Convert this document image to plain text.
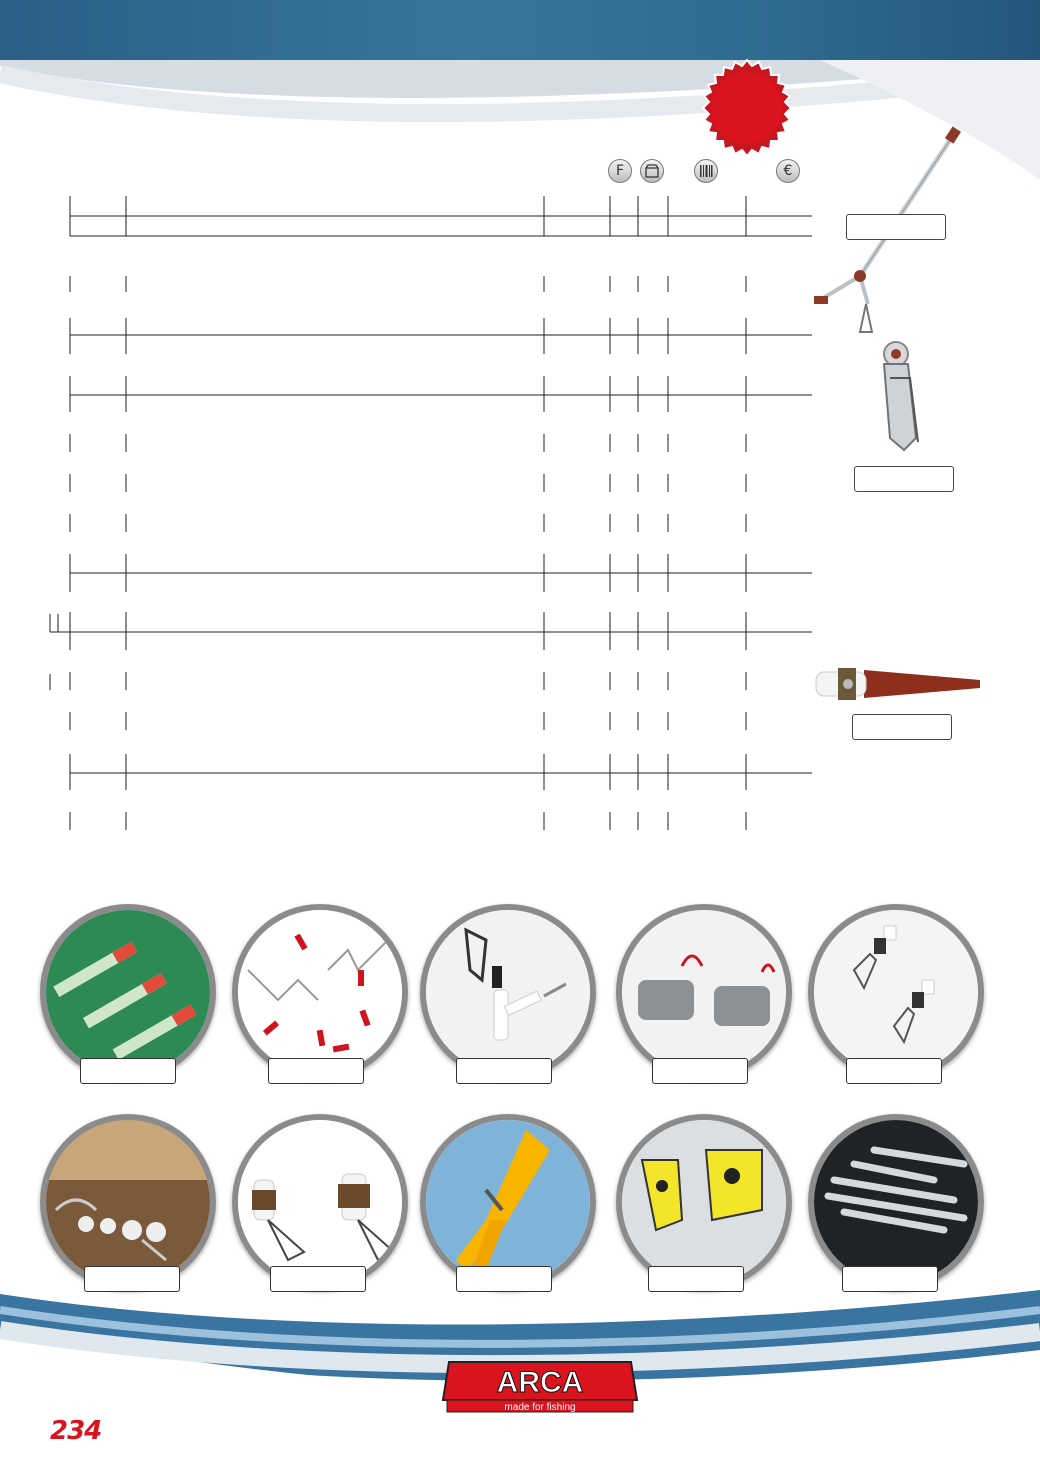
F	€
ARCA
made for fishing
234
